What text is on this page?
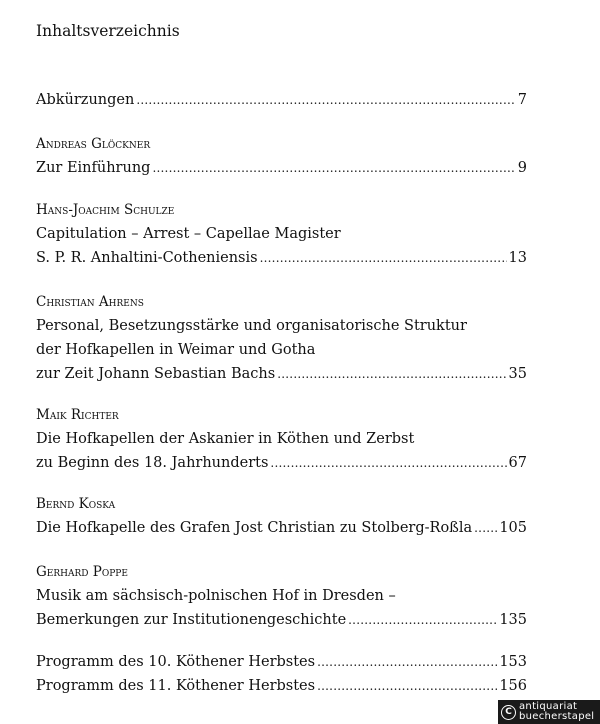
Inhaltsverzeichnis
Abkürzungen . . .	7
Andreas Glöckner
Zur Einführung . . .	9
Hans-Joachim Schulze
Capitulation – Arrest – Capellae Magister
S. P. R. Anhaltini-Cotheniensis . . .	13
Christian Ahrens
Personal, Besetzungsstärke und organisatorische Struktur
der Hofkapellen in Weimar und Gotha
zur Zeit Johann Sebastian Bachs . . .	35
Maik Richter
Die Hofkapellen der Askanier in Köthen und Zerbst
zu Beginn des 18. Jahrhunderts . . .	67
Bernd Koska
Die Hofkapelle des Grafen Jost Christian zu Stolberg-Roßla . . . 105
Gerhard Poppe
Musik am sächsisch-polnischen Hof in Dresden –
Bemerkungen zur Institutionengeschichte . . .	135
Programm des 10. Köthener Herbstes . . .	153
Programm des 11. Köthener Herbstes . . .	156
C antiquariat
buecherstapel
